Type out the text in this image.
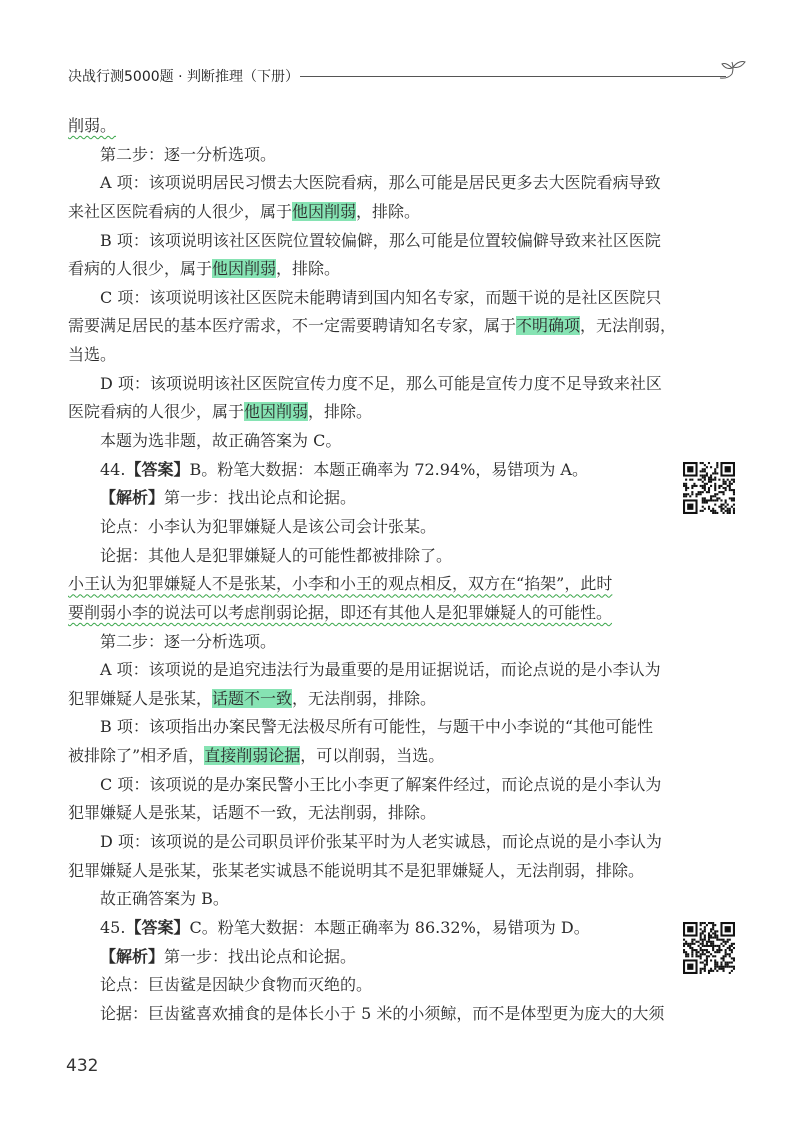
决战行测5000题 · 判断推理（下册）
削弱。
第二步：逐一分析选项。
A 项：该项说明居民习惯去大医院看病，那么可能是居民更多去大医院看病导致
来社区医院看病的人很少，属于他因削弱，排除。
B 项：该项说明该社区医院位置较偏僻，那么可能是位置较偏僻导致来社区医院
看病的人很少，属于他因削弱，排除。
C 项：该项说明该社区医院未能聘请到国内知名专家，而题干说的是社区医院只
需要满足居民的基本医疗需求，不一定需要聘请知名专家，属于不明确项，无法削弱，
当选。
D 项：该项说明该社区医院宣传力度不足，那么可能是宣传力度不足导致来社区
医院看病的人很少，属于他因削弱，排除。
本题为选非题，故正确答案为 C。
44.【答案】B。粉笔大数据：本题正确率为 72.94%，易错项为 A。
【解析】第一步：找出论点和论据。
论点：小李认为犯罪嫌疑人是该公司会计张某。
论据：其他人是犯罪嫌疑人的可能性都被排除了。
小王认为犯罪嫌疑人不是张某，小李和小王的观点相反，双方在“掐架”，此时
要削弱小李的说法可以考虑削弱论据，即还有其他人是犯罪嫌疑人的可能性。
第二步：逐一分析选项。
A 项：该项说的是追究违法行为最重要的是用证据说话，而论点说的是小李认为
犯罪嫌疑人是张某，话题不一致，无法削弱，排除。
B 项：该项指出办案民警无法极尽所有可能性，与题干中小李说的“其他可能性
被排除了”相矛盾，直接削弱论据，可以削弱，当选。
C 项：该项说的是办案民警小王比小李更了解案件经过，而论点说的是小李认为
犯罪嫌疑人是张某，话题不一致，无法削弱，排除。
D 项：该项说的是公司职员评价张某平时为人老实诚恳，而论点说的是小李认为
犯罪嫌疑人是张某，张某老实诚恳不能说明其不是犯罪嫌疑人，无法削弱，排除。
故正确答案为 B。
45.【答案】C。粉笔大数据：本题正确率为 86.32%，易错项为 D。
【解析】第一步：找出论点和论据。
论点：巨齿鲨是因缺少食物而灭绝的。
论据：巨齿鲨喜欢捕食的是体长小于 5 米的小须鲸，而不是体型更为庞大的大须
432
